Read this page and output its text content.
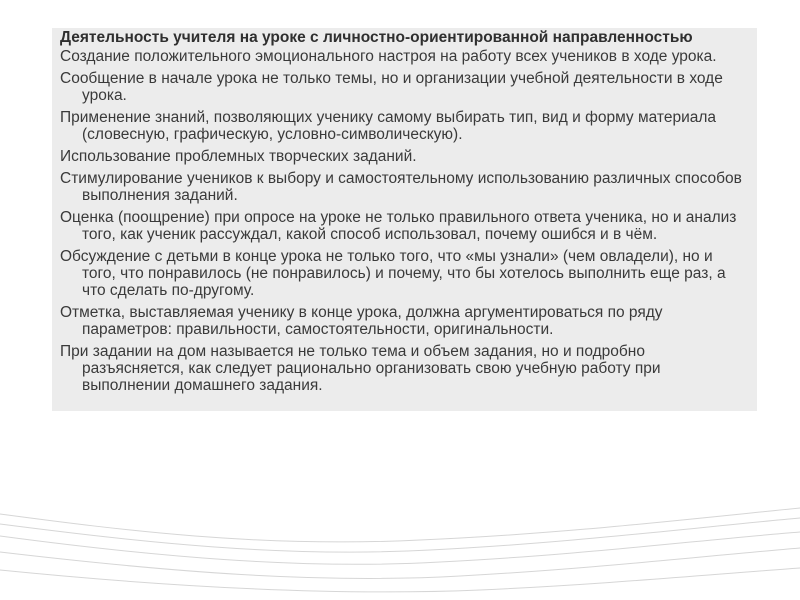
Деятельность учителя на уроке с личностно-ориентированной направленностью
Создание положительного эмоционального настроя на работу всех учеников в ходе урока.
Сообщение в начале урока не только темы, но и организации учебной деятельности в ходе урока.
Применение знаний, позволяющих ученику самому выбирать тип, вид и форму материала (словесную, графическую, условно-символическую).
Использование проблемных творческих заданий.
Стимулирование учеников к выбору и самостоятельному использованию различных способов выполнения заданий.
Оценка (поощрение) при опросе на уроке не только правильного ответа ученика, но и анализ того, как ученик рассуждал, какой способ использовал, почему ошибся и в чём.
Обсуждение с детьми в конце урока не только того, что «мы узнали» (чем овладели), но и того, что понравилось (не понравилось) и почему, что бы хотелось выполнить еще раз, а что сделать по-другому.
Отметка, выставляемая ученику в конце урока, должна аргументироваться по ряду параметров: правильности, самостоятельности, оригинальности.
При задании на дом называется не только тема и объем задания, но и подробно разъясняется, как следует рационально организовать свою учебную работу при выполнении домашнего задания.
